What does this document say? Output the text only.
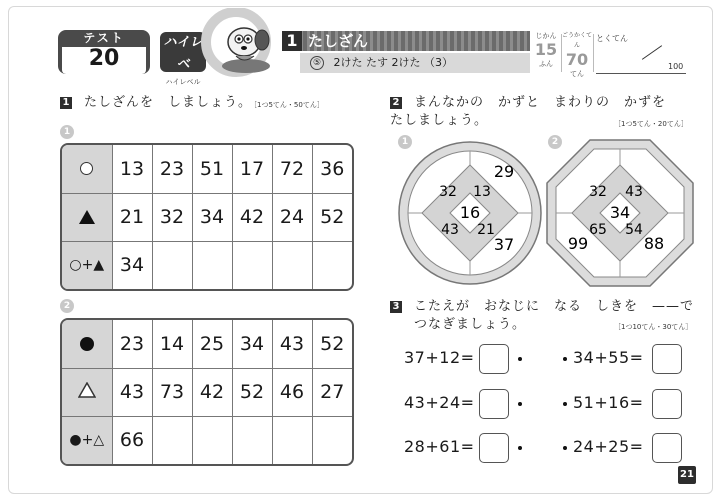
テスト
20
ハイレベ
ハイレベル
1 たしざん
⑤ 2けた たす 2けた （3）
じかん
15
ふん
ごうかくてん
70
てん
とくてん
100
1 たしざんを　しましょう。
［1つ5てん・50てん］
1
	13	23	51	17	72	36
	21	32	34	42	24	52
○+▲	34					
2
	23	14	25	34	43	52
	43	73	42	52	46	27
●+△	66					
2 まんなかの　かずと　まわりの　かずを
たしましょう。	［1つ5てん・20てん］
1
16
32 13
21
43
29
37
2
34
32 43
54
65
99	88
3 こたえが　おなじに　なる　しきを　——で
つなぎましょう。	［1つ10てん・30てん］
37+12=	34+55=
43+24=	51+16=
28+61=	24+25=
21
